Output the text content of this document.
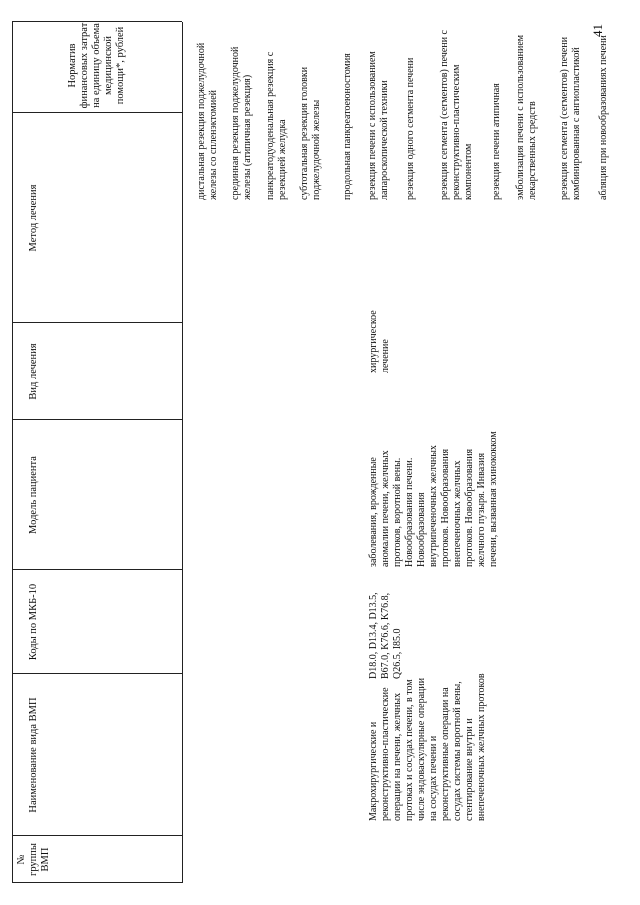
41
№ группы ВМП
Наименование вида ВМП
Коды по МКБ-10
Модель пациента
Вид лечения
Метод лечения
Норматив финансовых затрат на единицу объема медицинской помощи*, рублей
Макрохирургические и реконструктивно-пластические операции на печени, желчных протоках и сосудах печени, в том числе эндоваскулярные операции на сосудах печени и реконструктивные операции на сосудах системы воротной вены, стентирование внутри и внепеченочных желчных протоков
D18.0, D13.4, D13.5, B67.0, K76.6, K76.8, Q26.5, I85.0
заболевания, врожденные аномалии печени, желчных протоков, воротной вены. Новообразования печени. Новообразования внутрипеченочных желчных протоков. Новообразования внепеченочных желчных протоков. Новообразования желчного пузыря. Инвазия печени, вызванная эхинококком
хирургическое лечение
дистальная резекция поджелудочной железы со спленэктомией срединная резекция поджелудочной железы (атипичная резекция) панкреатодуоденальная резекция с резекцией желудка субтотальная резекция головки поджелудочной железы продольная панкреатоеюностомия резекция печени с использованием лапароскопической техники резекция одного сегмента печени резекция сегмента (сегментов) печени с реконструктивно-пластическим компонентом резекция печени атипичная эмболизация печени с использованием лекарственных средств резекция сегмента (сегментов) печени комбинированная с ангиопластикой абляция при новообразованиях печени
